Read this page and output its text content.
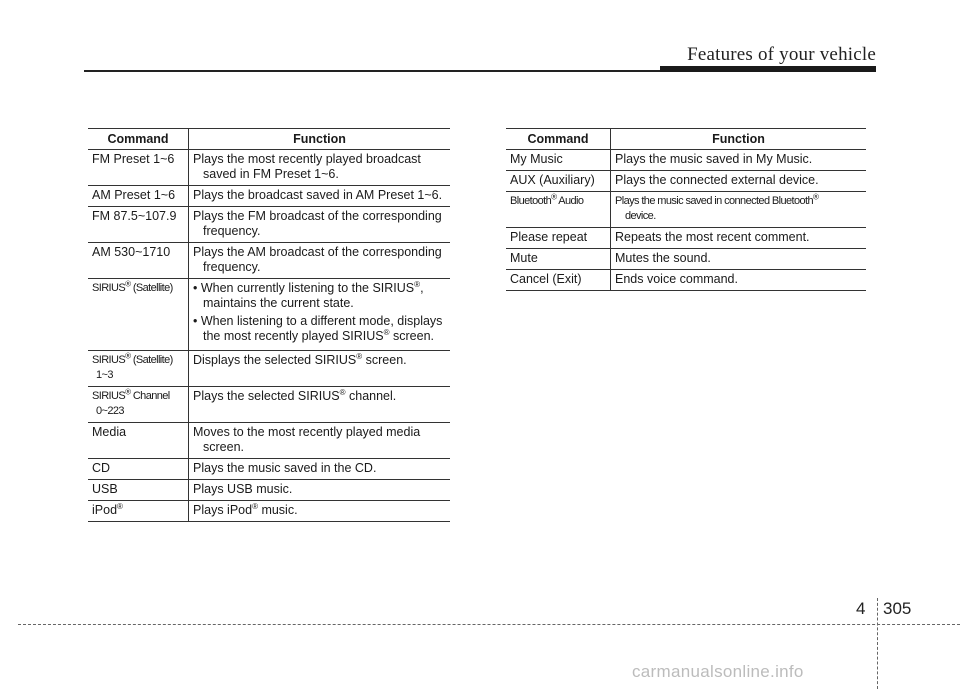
Features of your vehicle
Command	Function
FM Preset 1~6	Plays the most recently played broadcast
saved in FM Preset 1~6.

AM Preset 1~6	Plays the broadcast saved in AM Preset 1~6.
FM 87.5~107.9	Plays the FM broadcast of the corresponding
frequency.

AM 530~1710	Plays the AM broadcast of the corresponding
frequency.

SIRIUS® (Satellite)	• When currently listening to the SIRIUS®,
maintains the current state.
• When listening to a different mode, displays
the most recently played SIRIUS® screen.

SIRIUS® (Satellite)
1~3	Displays the selected SIRIUS® screen.
SIRIUS® Channel
0~223	Plays the selected SIRIUS® channel.
Media	Moves to the most recently played media
screen.

CD	Plays the music saved in the CD.
USB	Plays USB music.
iPod®	Plays iPod® music.
Command	Function
My Music	Plays the music saved in My Music.
AUX (Auxiliary)	Plays the connected external device.
Bluetooth® Audio	Plays the music saved in connected Bluetooth®
device.

Please repeat	Repeats the most recent comment.
Mute	Mutes the sound.
Cancel (Exit)	Ends voice command.
4 305
carmanualsonline.info
